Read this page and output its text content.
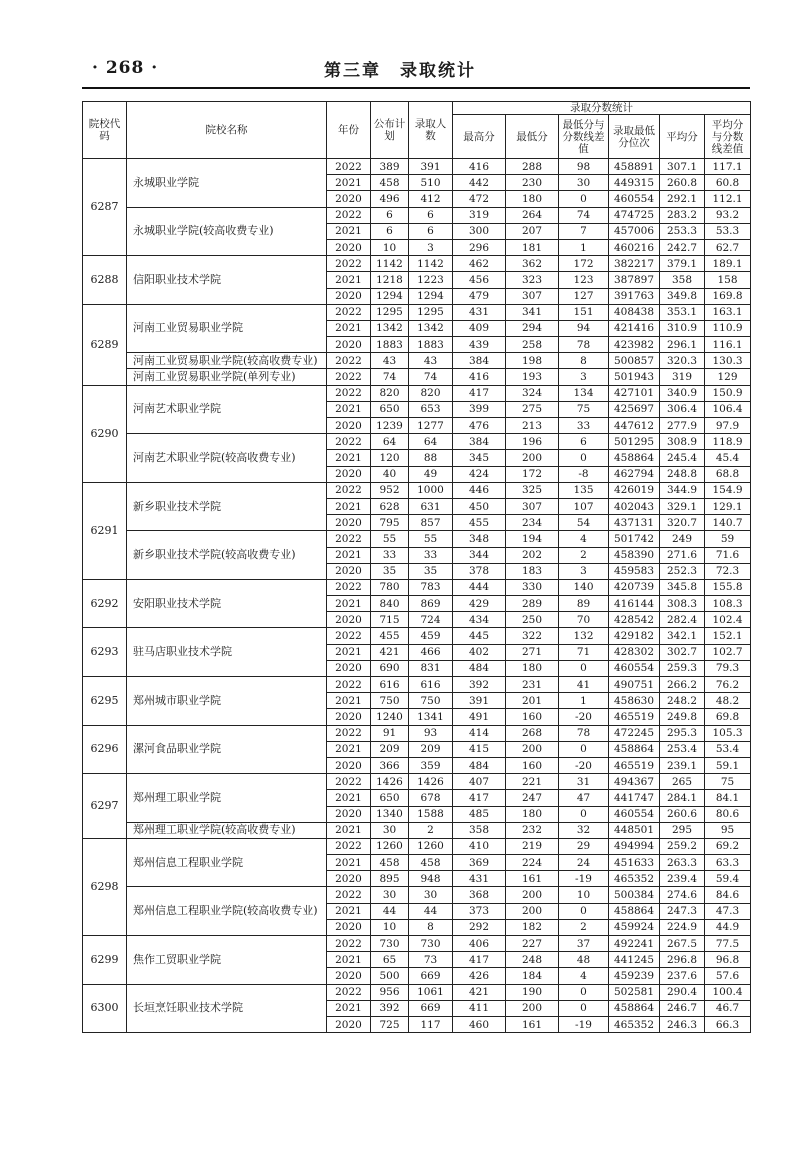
· 268 ·	第三章　录取统计
院校代码	院校名称	年份	公布计划	录取人数	录取分数统计					
					最高分	最低分	最低分与分数线差值	录取最低分位次	平均分	平均分与分数线差值
6287	永城职业学院	2022	389	391	416	288	98	458891	307.1	117.1
		2021	458	510	442	230	30	449315	260.8	60.8
		2020	496	412	472	180	0	460554	292.1	112.1
	永城职业学院(较高收费专业)	2022	6	6	319	264	74	474725	283.2	93.2
		2021	6	6	300	207	7	457006	253.3	53.3
		2020	10	3	296	181	1	460216	242.7	62.7
6288	信阳职业技术学院	2022	1142	1142	462	362	172	382217	379.1	189.1
		2021	1218	1223	456	323	123	387897	358	158
		2020	1294	1294	479	307	127	391763	349.8	169.8
6289	河南工业贸易职业学院	2022	1295	1295	431	341	151	408438	353.1	163.1
		2021	1342	1342	409	294	94	421416	310.9	110.9
		2020	1883	1883	439	258	78	423982	296.1	116.1
	河南工业贸易职业学院(较高收费专业)	2022	43	43	384	198	8	500857	320.3	130.3
	河南工业贸易职业学院(单列专业)	2022	74	74	416	193	3	501943	319	129
6290	河南艺术职业学院	2022	820	820	417	324	134	427101	340.9	150.9
		2021	650	653	399	275	75	425697	306.4	106.4
		2020	1239	1277	476	213	33	447612	277.9	97.9
	河南艺术职业学院(较高收费专业)	2022	64	64	384	196	6	501295	308.9	118.9
		2021	120	88	345	200	0	458864	245.4	45.4
		2020	40	49	424	172	-8	462794	248.8	68.8
6291	新乡职业技术学院	2022	952	1000	446	325	135	426019	344.9	154.9
		2021	628	631	450	307	107	402043	329.1	129.1
		2020	795	857	455	234	54	437131	320.7	140.7
	新乡职业技术学院(较高收费专业)	2022	55	55	348	194	4	501742	249	59
		2021	33	33	344	202	2	458390	271.6	71.6
		2020	35	35	378	183	3	459583	252.3	72.3
6292	安阳职业技术学院	2022	780	783	444	330	140	420739	345.8	155.8
		2021	840	869	429	289	89	416144	308.3	108.3
		2020	715	724	434	250	70	428542	282.4	102.4
6293	驻马店职业技术学院	2022	455	459	445	322	132	429182	342.1	152.1
		2021	421	466	402	271	71	428302	302.7	102.7
		2020	690	831	484	180	0	460554	259.3	79.3
6295	郑州城市职业学院	2022	616	616	392	231	41	490751	266.2	76.2
		2021	750	750	391	201	1	458630	248.2	48.2
		2020	1240	1341	491	160	-20	465519	249.8	69.8
6296	漯河食品职业学院	2022	91	93	414	268	78	472245	295.3	105.3
		2021	209	209	415	200	0	458864	253.4	53.4
		2020	366	359	484	160	-20	465519	239.1	59.1
6297	郑州理工职业学院	2022	1426	1426	407	221	31	494367	265	75
		2021	650	678	417	247	47	441747	284.1	84.1
		2020	1340	1588	485	180	0	460554	260.6	80.6
	郑州理工职业学院(较高收费专业)	2021	30	2	358	232	32	448501	295	95
6298	郑州信息工程职业学院	2022	1260	1260	410	219	29	494994	259.2	69.2
		2021	458	458	369	224	24	451633	263.3	63.3
		2020	895	948	431	161	-19	465352	239.4	59.4
	郑州信息工程职业学院(较高收费专业)	2022	30	30	368	200	10	500384	274.6	84.6
		2021	44	44	373	200	0	458864	247.3	47.3
		2020	10	8	292	182	2	459924	224.9	44.9
6299	焦作工贸职业学院	2022	730	730	406	227	37	492241	267.5	77.5
		2021	65	73	417	248	48	441245	296.8	96.8
		2020	500	669	426	184	4	459239	237.6	57.6
6300	长垣烹饪职业技术学院	2022	956	1061	421	190	0	502581	290.4	100.4
		2021	392	669	411	200	0	458864	246.7	46.7
		2020	725	117	460	161	-19	465352	246.3	66.3
